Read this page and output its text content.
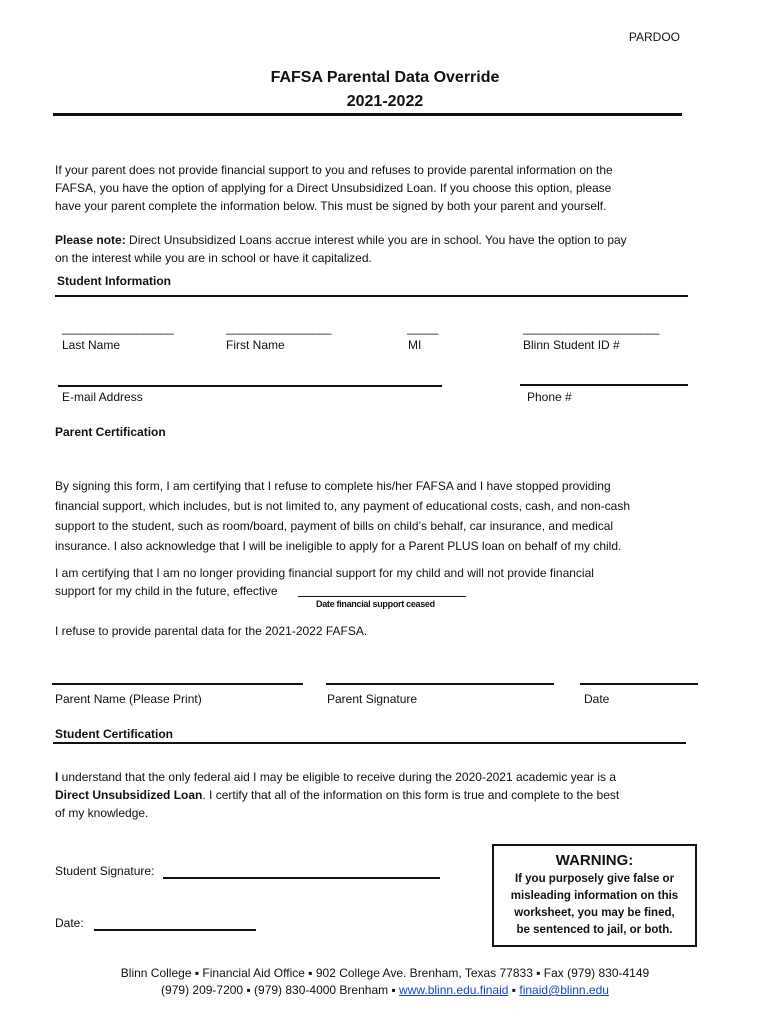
PARDOO
FAFSA Parental Data Override
2021-2022
If your parent does not provide financial support to you and refuses to provide parental information on the
FAFSA, you have the option of applying for a Direct Unsubsidized Loan. If you choose this option, please
have your parent complete the information below. This must be signed by both your parent and yourself.
Please note: Direct Unsubsidized Loans accrue interest while you are in school. You have the option to pay
on the interest while you are in school or have it capitalized.
Student Information
__________________	_________________	_____	______________________
Last Name	First Name	MI	Blinn Student ID #
E-mail Address	Phone #
Parent Certification
By signing this form, I am certifying that I refuse to complete his/her FAFSA and I have stopped providing
financial support, which includes, but is not limited to, any payment of educational costs, cash, and non-cash
support to the student, such as room/board, payment of bills on child’s behalf, car insurance, and medical
insurance. I also acknowledge that I will be ineligible to apply for a Parent PLUS loan on behalf of my child.
I am certifying that I am no longer providing financial support for my child and will not provide financial
support for my child in the future, effective
Date financial support ceased
I refuse to provide parental data for the 2021-2022 FAFSA.
Parent Name (Please Print)	Parent Signature	Date
Student Certification
I understand that the only federal aid I may be eligible to receive during the 2020-2021 academic year is a
Direct Unsubsidized Loan. I certify that all of the information on this form is true and complete to the best
of my knowledge.
Student Signature:
Date:
WARNING:
If you purposely give false or
misleading information on this
worksheet, you may be fined,
be sentenced to jail, or both.
Blinn College ▪ Financial Aid Office ▪ 902 College Ave. Brenham, Texas 77833 ▪ Fax (979) 830-4149
(979) 209-7200 ▪ (979) 830-4000 Brenham ▪ www.blinn.edu.finaid ▪ finaid@blinn.edu
